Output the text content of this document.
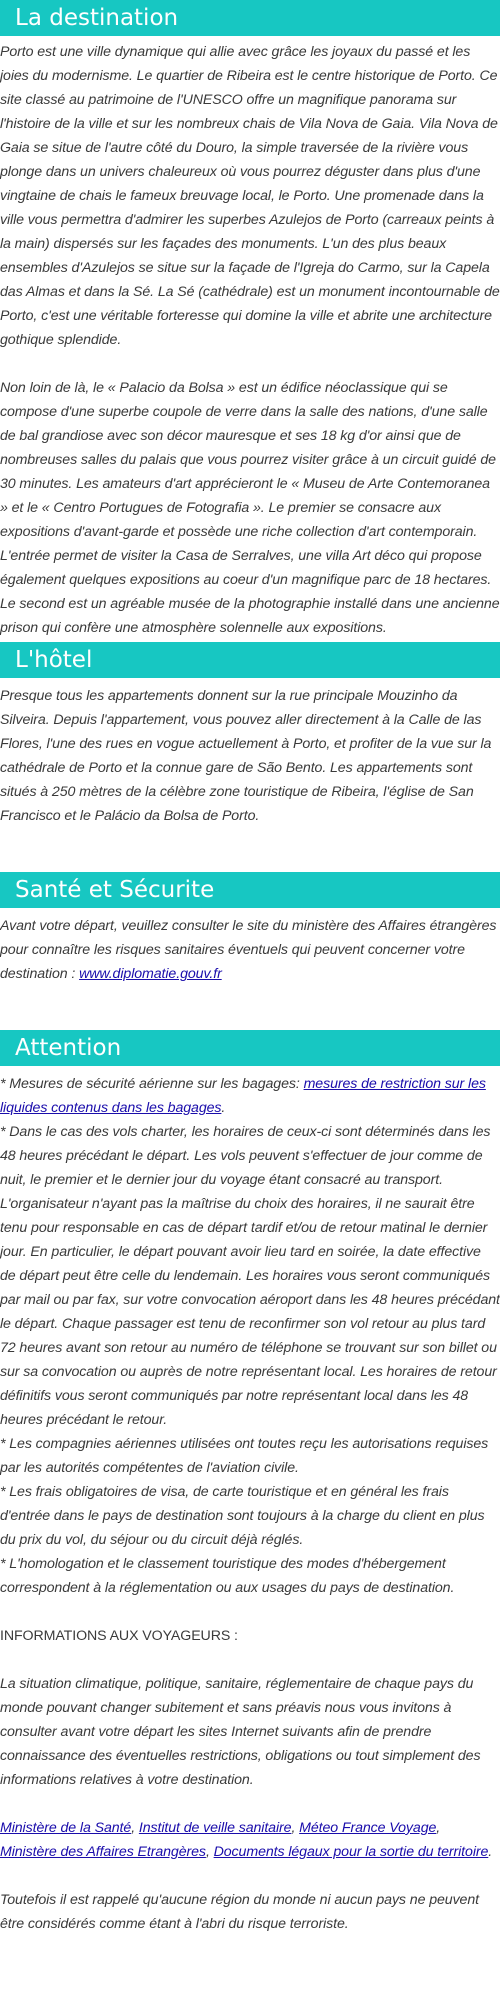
La destination

Porto est une ville dynamique qui allie avec grâce les joyaux du passé et les joies du modernisme. Le quartier de Ribeira est le centre historique de Porto. Ce site classé au patrimoine de l'UNESCO offre un magnifique panorama sur l'histoire de la ville et sur les nombreux chais de Vila Nova de Gaia. Vila Nova de Gaia se situe de l'autre côté du Douro, la simple traversée de la rivière vous plonge dans un univers chaleureux où vous pourrez déguster dans plus d'une vingtaine de chais le fameux breuvage local, le Porto. Une promenade dans la ville vous permettra d'admirer les superbes Azulejos de Porto (carreaux peints à la main) dispersés sur les façades des monuments. L'un des plus beaux ensembles d'Azulejos se situe sur la façade de l'Igreja do Carmo, sur la Capela das Almas et dans la Sé. La Sé (cathédrale) est un monument incontournable de Porto, c'est une véritable forteresse qui domine la ville et abrite une architecture gothique splendide.

Non loin de là, le « Palacio da Bolsa » est un édifice néoclassique qui se compose d'une superbe coupole de verre dans la salle des nations, d'une salle de bal grandiose avec son décor mauresque et ses 18 kg d'or ainsi que de nombreuses salles du palais que vous pourrez visiter grâce à un circuit guidé de 30 minutes. Les amateurs d'art apprécieront le « Museu de Arte Contemoranea » et le « Centro Portugues de Fotografia ». Le premier se consacre aux expositions d'avant-garde et possède une riche collection d'art contemporain. L'entrée permet de visiter la Casa de Serralves, une villa Art déco qui propose également quelques expositions au coeur d'un magnifique parc de 18 hectares. Le second est un agréable musée de la photographie installé dans une ancienne prison qui confère une atmosphère solennelle aux expositions.

L'hôtel

Presque tous les appartements donnent sur la rue principale Mouzinho da Silveira. Depuis l'appartement, vous pouvez aller directement à la Calle de las Flores, l'une des rues en vogue actuellement à Porto, et profiter de la vue sur la cathédrale de Porto et la connue gare de São Bento. Les appartements sont situés à 250 mètres de la célèbre zone touristique de Ribeira, l'église de San Francisco et le Palácio da Bolsa de Porto.

Santé et Sécurite

Avant votre départ, veuillez consulter le site du ministère des Affaires étrangères pour connaître les risques sanitaires éventuels qui peuvent concerner votre destination : www.diplomatie.gouv.fr

Attention

* Mesures de sécurité aérienne sur les bagages: mesures de restriction sur les liquides contenus dans les bagages.

* Dans le cas des vols charter, les horaires de ceux-ci sont déterminés dans les 48 heures précédant le départ. Les vols peuvent s'effectuer de jour comme de nuit, le premier et le dernier jour du voyage étant consacré au transport. L'organisateur n'ayant pas la maîtrise du choix des horaires, il ne saurait être tenu pour responsable en cas de départ tardif et/ou de retour matinal le dernier jour. En particulier, le départ pouvant avoir lieu tard en soirée, la date effective de départ peut être celle du lendemain. Les horaires vous seront communiqués par mail ou par fax, sur votre convocation aéroport dans les 48 heures précédant le départ. Chaque passager est tenu de reconfirmer son vol retour au plus tard 72 heures avant son retour au numéro de téléphone se trouvant sur son billet ou sur sa convocation ou auprès de notre représentant local. Les horaires de retour définitifs vous seront communiqués par notre représentant local dans les 48 heures précédant le retour.

* Les compagnies aériennes utilisées ont toutes reçu les autorisations requises par les autorités compétentes de l'aviation civile.

* Les frais obligatoires de visa, de carte touristique et en général les frais d'entrée dans le pays de destination sont toujours à la charge du client en plus du prix du vol, du séjour ou du circuit déjà réglés.

* L'homologation et le classement touristique des modes d'hébergement correspondent à la réglementation ou aux usages du pays de destination.

INFORMATIONS AUX VOYAGEURS :

La situation climatique, politique, sanitaire, réglementaire de chaque pays du monde pouvant changer subitement et sans préavis nous vous invitons à consulter avant votre départ les sites Internet suivants afin de prendre connaissance des éventuelles restrictions, obligations ou tout simplement des informations relatives à votre destination.

Ministère de la Santé, Institut de veille sanitaire, Méteo France Voyage, Ministère des Affaires Etrangères, Documents légaux pour la sortie du territoire.

Toutefois il est rappelé qu'aucune région du monde ni aucun pays ne peuvent être considérés comme étant à l'abri du risque terroriste.
